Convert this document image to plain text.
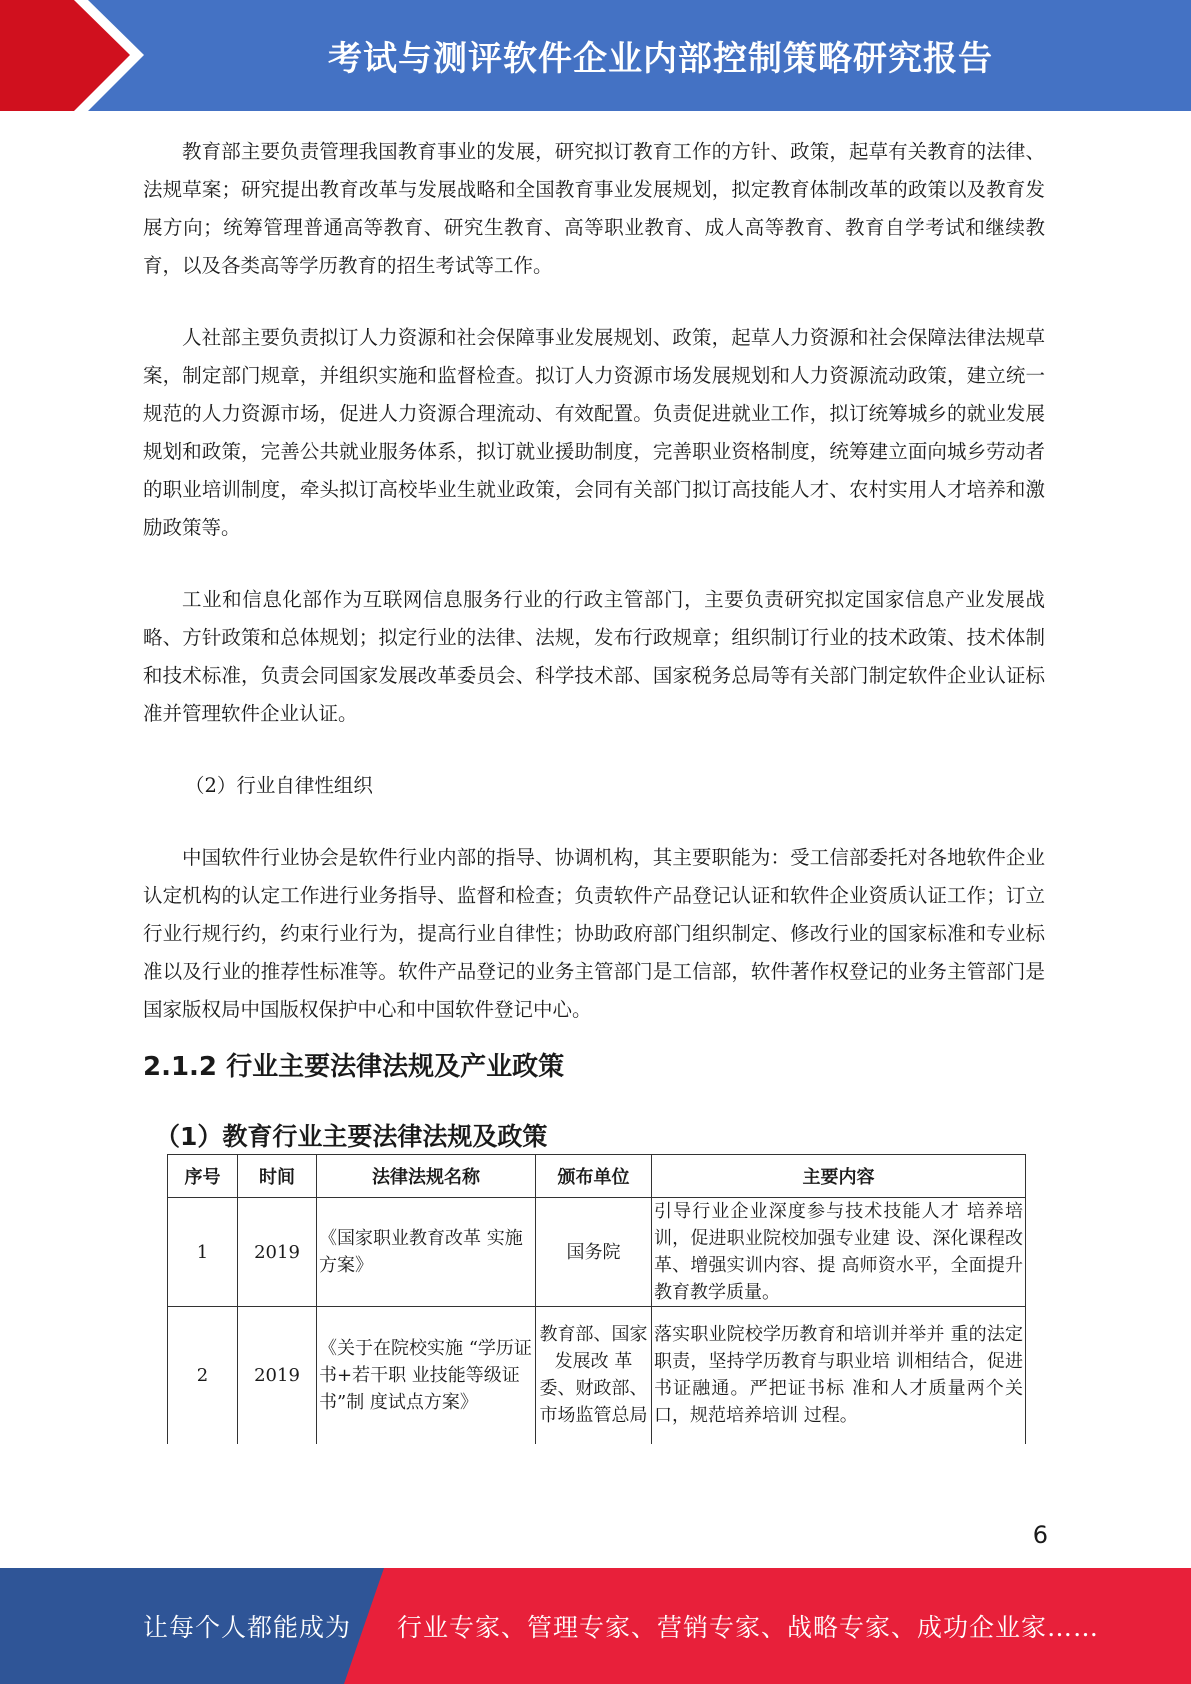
考试与测评软件企业内部控制策略研究报告

教育部主要负责管理我国教育事业的发展，研究拟订教育工作的方针、政策，起草有关教育的法律、法规草案；研究提出教育改革与发展战略和全国教育事业发展规划，拟定教育体制改革的政策以及教育发展方向；统筹管理普通高等教育、研究生教育、高等职业教育、成人高等教育、教育自学考试和继续教育，以及各类高等学历教育的招生考试等工作。

人社部主要负责拟订人力资源和社会保障事业发展规划、政策，起草人力资源和社会保障法律法规草案，制定部门规章，并组织实施和监督检查。拟订人力资源市场发展规划和人力资源流动政策，建立统一规范的人力资源市场，促进人力资源合理流动、有效配置。负责促进就业工作，拟订统筹城乡的就业发展规划和政策，完善公共就业服务体系，拟订就业援助制度，完善职业资格制度，统筹建立面向城乡劳动者的职业培训制度，牵头拟订高校毕业生就业政策，会同有关部门拟订高技能人才、农村实用人才培养和激励政策等。

工业和信息化部作为互联网信息服务行业的行政主管部门，主要负责研究拟定国家信息产业发展战略、方针政策和总体规划；拟定行业的法律、法规，发布行政规章；组织制订行业的技术政策、技术体制和技术标准，负责会同国家发展改革委员会、科学技术部、国家税务总局等有关部门制定软件企业认证标准并管理软件企业认证。

（2）行业自律性组织

中国软件行业协会是软件行业内部的指导、协调机构，其主要职能为：受工信部委托对各地软件企业认定机构的认定工作进行业务指导、监督和检查；负责软件产品登记认证和软件企业资质认证工作；订立行业行规行约，约束行业行为，提高行业自律性；协助政府部门组织制定、修改行业的国家标准和专业标准以及行业的推荐性标准等。软件产品登记的业务主管部门是工信部，软件著作权登记的业务主管部门是国家版权局中国版权保护中心和中国软件登记中心。

2.1.2 行业主要法律法规及产业政策
（1）教育行业主要法律法规及政策
序号	时间	法律法规名称	颁布单位	主要内容
1	2019	《国家职业教育改革 实施方案》	国务院	引导行业企业深度参与技术技能人才 培养培训，促进职业院校加强专业建 设、深化课程改革、增强实训内容、提 高师资水平，全面提升教育教学质量。
2	2019	《关于在院校实施 “学历证书+若干职 业技能等级证书”制 度试点方案》	教育部、国家发展改 革委、财政部、市场监管总局	落实职业院校学历教育和培训并举并 重的法定职责，坚持学历教育与职业培 训相结合，促进书证融通。严把证书标 准和人才质量两个关口，规范培养培训 过程。
6
让每个人都能成为 行业专家、管理专家、营销专家、战略专家、成功企业家……
